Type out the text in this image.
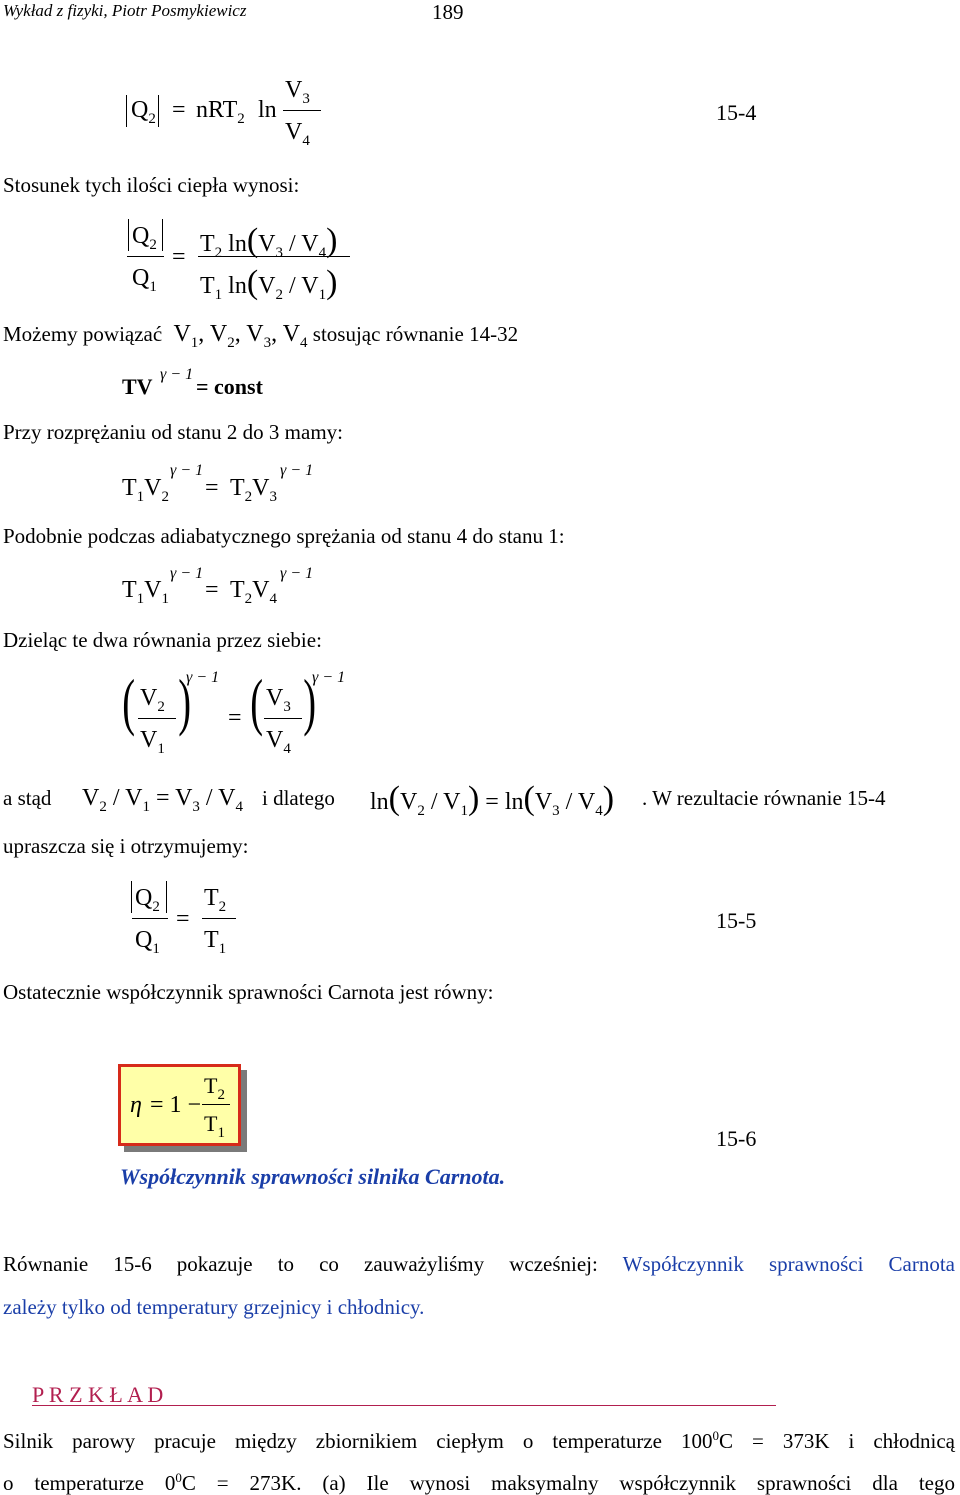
Wykład z fizyki, Piotr Posmykiewicz	189
$Q_2 = nRT_2$ ln
$V_3$
$V_4$
15-4
Stosunek tych ilości ciepła wynosi:
$Q_2$
$Q_1$
= $T_2$ $\ln(V_3 / V_4)$
$T_1$ $\ln(V_2 / V_1)$
Możemy powiązać $V_1$, $V_2$, $V_3$, $V_4$ stosując równanie 14-32
TV γ − 1 = const
Przy rozprężaniu od stanu 2 do 3 mamy:
$T_1V_2$
γ − 1
= $T_2V_3$
γ − 1
Podobnie podczas adiabatycznego sprężania od stanu 4 do stanu 1:
$T_1V_1$
γ − 1
= $T_2V_4$
γ − 1
Dzieląc te dwa równania przez siebie:
( $V_2$
$V_1$
)
γ − 1
= ( $V_3$
$V_4$
)
γ − 1
a stąd $V_2 / V_1 = V_3 / V_4$ i dlatego $\ln(V_2 / V_1) = \ln(V_3 / V_4)$ . W rezultacie równanie 15-4
upraszcza się i otrzymujemy:
$Q_2$
$Q_1$
=
$T_2$
$T_1$
15-5
Ostatecznie współczynnik sprawności Carnota jest równy:
η = 1 −
$T_2$
$T_1$	15-6
Współczynnik sprawności silnika Carnota.
Równanie 15-6 pokazuje to co zauważyliśmy wcześniej: Współczynnik sprawności Carnota
zależy tylko od temperatury grzejnicy i chłodnicy.
P R Z K Ł A D
Silnik parowy pracuje między zbiornikiem ciepłym o temperaturze $100^0C = 373K$ i chłodnicą
o temperaturze $0^0C = 273K$. (a) Ile wynosi maksymalny współczynnik sprawności dla tego
